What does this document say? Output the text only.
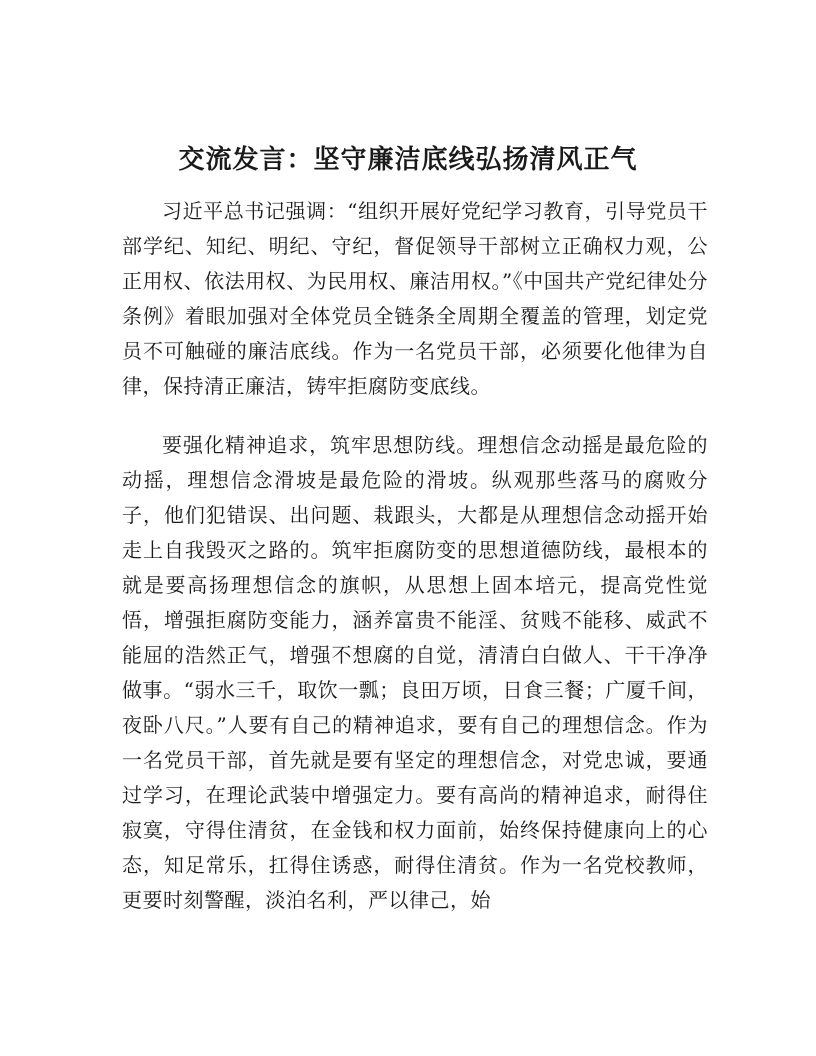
交流发言：坚守廉洁底线弘扬清风正气

习近平总书记强调：“组织开展好党纪学习教育，引导党员干部学纪、知纪、明纪、守纪，督促领导干部树立正确权力观，公正用权、依法用权、为民用权、廉洁用权。”《中国共产党纪律处分条例》着眼加强对全体党员全链条全周期全覆盖的管理，划定党员不可触碰的廉洁底线。作为一名党员干部，必须要化他律为自律，保持清正廉洁，铸牢拒腐防变底线。

要强化精神追求，筑牢思想防线。理想信念动摇是最危险的动摇，理想信念滑坡是最危险的滑坡。纵观那些落马的腐败分子，他们犯错误、出问题、栽跟头，大都是从理想信念动摇开始走上自我毁灭之路的。筑牢拒腐防变的思想道德防线，最根本的就是要高扬理想信念的旗帜，从思想上固本培元，提高党性觉悟，增强拒腐防变能力，涵养富贵不能淫、贫贱不能移、威武不能屈的浩然正气，增强不想腐的自觉，清清白白做人、干干净净做事。“弱水三千，取饮一瓢；良田万顷，日食三餐；广厦千间，夜卧八尺。”人要有自己的精神追求，要有自己的理想信念。作为一名党员干部，首先就是要有坚定的理想信念，对党忠诚，要通过学习，在理论武装中增强定力。要有高尚的精神追求，耐得住寂寞，守得住清贫，在金钱和权力面前，始终保持健康向上的心态，知足常乐，扛得住诱惑，耐得住清贫。作为一名党校教师，更要时刻警醒，淡泊名利，严以律己，始
